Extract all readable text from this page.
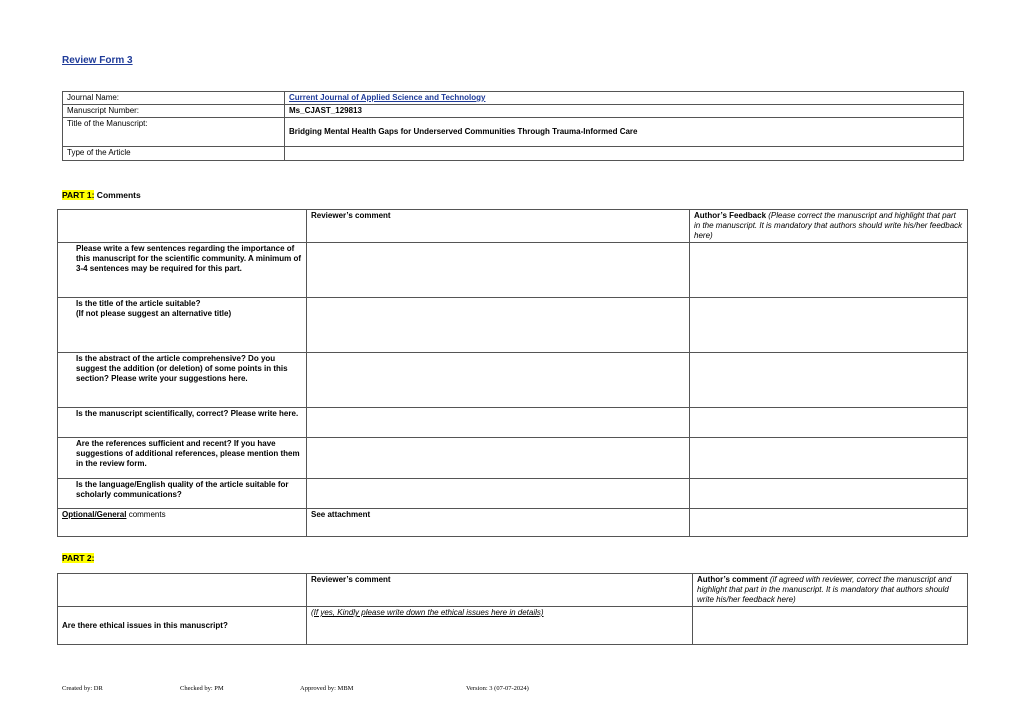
Review Form 3
Journal Name:	Current Journal of Applied Science and Technology
Manuscript Number:	Ms_CJAST_129813
Title of the Manuscript:	Bridging Mental Health Gaps for Underserved Communities Through Trauma-Informed Care
Type of the Article	
PART 1: Comments
	Reviewer’s comment	Author’s Feedback (Please correct the manuscript and highlight that part in the manuscript. It is mandatory that authors should write his/her feedback here)
Please write a few sentences regarding the importance of this manuscript for the scientific community. A minimum of 3-4 sentences may be required for this part.		
Is the title of the article suitable?
(If not please suggest an alternative title)		
Is the abstract of the article comprehensive? Do you suggest the addition (or deletion) of some points in this section? Please write your suggestions here.		
Is the manuscript scientifically, correct? Please write here.		
Are the references sufficient and recent? If you have suggestions of additional references, please mention them in the review form.		
Is the language/English quality of the article suitable for scholarly communications?		
Optional/General comments	See attachment	
PART 2:
	Reviewer’s comment	Author’s comment (if agreed with reviewer, correct the manuscript and highlight that part in the manuscript. It is mandatory that authors should write his/her feedback here)
Are there ethical issues in this manuscript?	(If yes, Kindly please write down the ethical issues here in details)	
Created by: DR	Checked by: PM	Approved by: MBM	Version: 3 (07-07-2024)
